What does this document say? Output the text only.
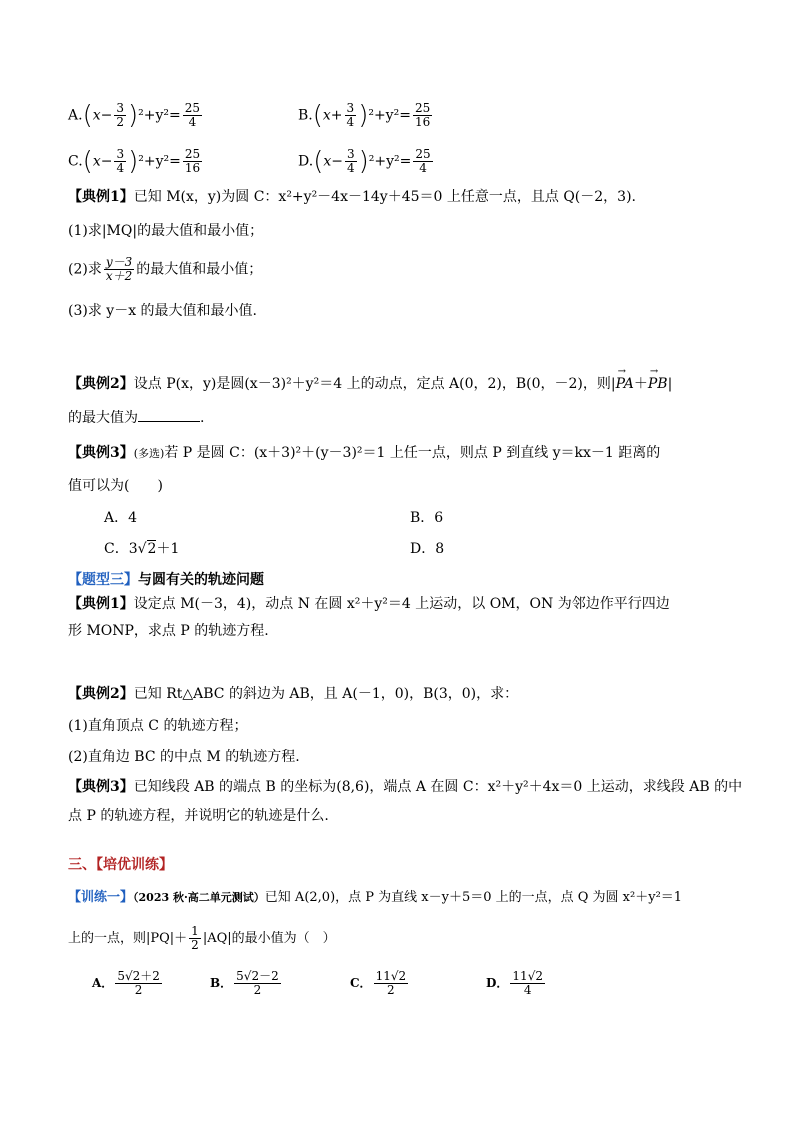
$A.(x- \frac{3}{2} )^2+y^2= \frac{25}{4}$	$B.(x+ \frac{3}{4} )^2+y^2= \frac{25}{16}$
$C.(x- \frac{3}{4} )^2+y^2= \frac{25}{16}$	$D.(x- \frac{3}{4} )^2+y^2= \frac{25}{4}$
【典例1】已知 M(x，y)为圆 C：x²+y²－4x－14y＋45＝0 上任意一点，且点 Q(－2，3).
(1)求|MQ|的最大值和最小值；
(2)求 $\frac{y-3}{x+2}$ 的最大值和最小值；
(3)求 y－x 的最大值和最小值.
【典例2】设点 P(x，y)是圆(x－3)²＋y²＝4 上的动点，定点 A(0，2)，B(0，－2)，则|→ PA＋→ PB|
的最大值为	.
【典例3】(多选)若 P 是圆 C：(x＋3)²＋(y－3)²＝1 上任一点，则点 P 到直线 y＝kx－1 距离的
值可以为(　　)
A．4	B．6
C．3√2＋1	D．8
【题型三】与圆有关的轨迹问题
【典例1】设定点 M(－3，4)，动点 N 在圆 x²＋y²＝4 上运动，以 OM，ON 为邻边作平行四边
形 MONP，求点 P 的轨迹方程.
【典例2】已知 Rt△ABC 的斜边为 AB，且 A(－1，0)，B(3，0)，求：
(1)直角顶点 C 的轨迹方程；
(2)直角边 BC 的中点 M 的轨迹方程.
【典例3】已知线段 AB 的端点 B 的坐标为(8,6)，端点 A 在圆 C：x²＋y²＋4x＝0 上运动，求线段 AB 的中
点 P 的轨迹方程，并说明它的轨迹是什么.
三、【培优训练】
【训练一】（2023 秋·高二单元测试）已知 A(2,0)，点 P 为直线 x－y＋5＝0 上的一点，点 Q 为圆 x²＋y²＝1
上的一点，则$|PQ|+ \frac{1}{2} |AQ|$的最小值为（　）
A． $\frac{5√2+2}{2}$	B． $\frac{5√2-2}{2}$	C． $\frac{11√2}{2}$	D． $\frac{11√2}{4}$
